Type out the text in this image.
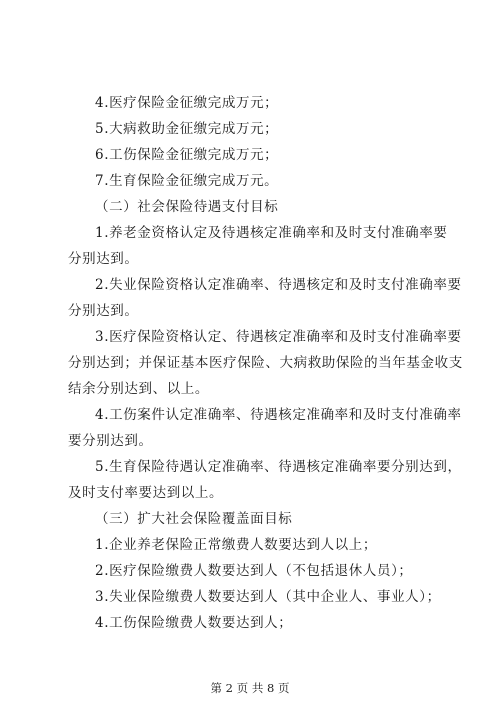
4.医疗保险金征缴完成万元；
5.大病救助金征缴完成万元；
6.工伤保险金征缴完成万元；
7.生育保险金征缴完成万元。
（二）社会保险待遇支付目标
1.养老金资格认定及待遇核定准确率和及时支付准确率要
分别达到。
2.失业保险资格认定准确率、待遇核定和及时支付准确率要
分别达到。
3.医疗保险资格认定、待遇核定准确率和及时支付准确率要
分别达到；并保证基本医疗保险、大病救助保险的当年基金收支
结余分别达到、以上。
4.工伤案件认定准确率、待遇核定准确率和及时支付准确率
要分别达到。
5.生育保险待遇认定准确率、待遇核定准确率要分别达到，
及时支付率要达到以上。
（三）扩大社会保险覆盖面目标
1.企业养老保险正常缴费人数要达到人以上；
2.医疗保险缴费人数要达到人（不包括退休人员）；
3.失业保险缴费人数要达到人（其中企业人、事业人）；
4.工伤保险缴费人数要达到人；
第 2 页 共 8 页
